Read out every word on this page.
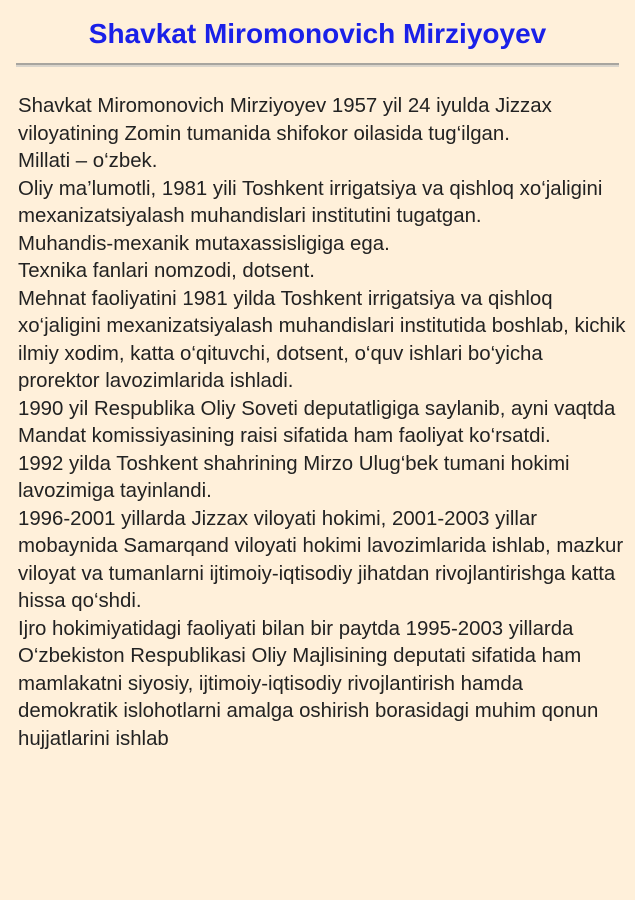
Shavkat Miromonovich Mirziyoyev

Shavkat Miromonovich Mirziyoyev 1957 yil 24 iyulda Jizzax viloyatining Zomin tumanida shifokor oilasida tug‘ilgan.

Millati – o‘zbek.

Oliy ma’lumotli, 1981 yili Toshkent irrigatsiya va qishloq xo‘jaligini mexanizatsiyalash muhandislari institutini tugatgan.

Muhandis-mexanik mutaxassisligiga ega.

Texnika fanlari nomzodi, dotsent.

Mehnat faoliyatini 1981 yilda Toshkent irrigatsiya va qishloq xo‘jaligini mexanizatsiyalash muhandislari institutida boshlab, kichik ilmiy xodim, katta o‘qituvchi, dotsent, o‘quv ishlari bo‘yicha prorektor lavozimlarida ishladi.

1990 yil Respublika Oliy Soveti deputatligiga saylanib, ayni vaqtda Mandat komissiyasining raisi sifatida ham faoliyat ko‘rsatdi.

1992 yilda Toshkent shahrining Mirzo Ulug‘bek tumani hokimi lavozimiga tayinlandi.

1996-2001 yillarda Jizzax viloyati hokimi, 2001-2003 yillar mobaynida Samarqand viloyati hokimi lavozimlarida ishlab, mazkur viloyat va tumanlarni ijtimoiy-iqtisodiy jihatdan rivojlantirishga katta hissa qo‘shdi.

Ijro hokimiyatidagi faoliyati bilan bir paytda 1995-2003 yillarda O‘zbekiston Respublikasi Oliy Majlisining deputati sifatida ham mamlakatni siyosiy, ijtimoiy-iqtisodiy rivojlantirish hamda demokratik islohotlarni amalga oshirish borasidagi muhim qonun hujjatlarini ishlab
